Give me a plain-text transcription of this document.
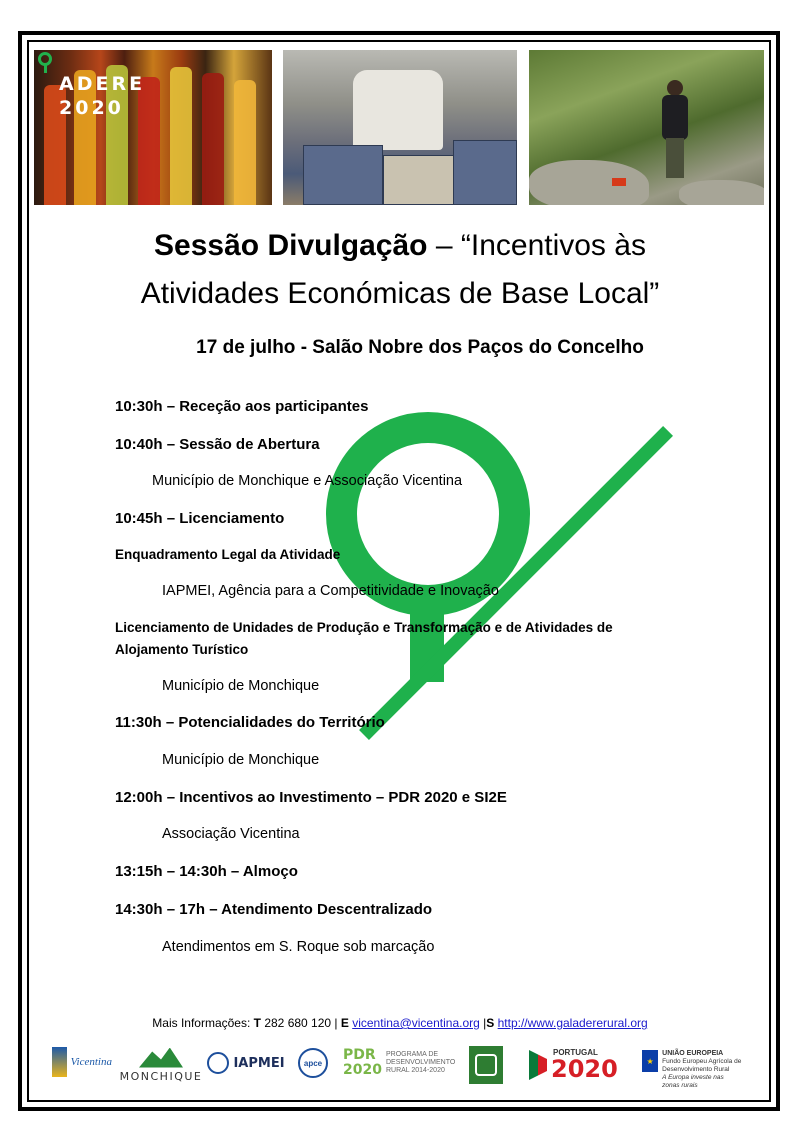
ADERE
2020
Sessão Divulgação – “Incentivos às
Atividades Económicas de Base Local”
17 de julho - Salão Nobre dos Paços do Concelho
10:30h – Receção aos participantes
10:40h – Sessão de Abertura
Município de Monchique e Associação Vicentina
10:45h – Licenciamento
Enquadramento Legal da Atividade
IAPMEI, Agência para a Competitividade e Inovação
Licenciamento de Unidades de Produção e Transformação e de Atividades de
Alojamento Turístico
Município de Monchique
11:30h – Potencialidades do Território
Município de Monchique
12:00h – Incentivos ao Investimento – PDR 2020 e SI2E
Associação Vicentina
13:15h – 14:30h – Almoço
14:30h – 17h – Atendimento Descentralizado
Atendimentos em S. Roque sob marcação
Mais Informações: T 282 680 120 | E vicentina@vicentina.org |S http://www.galadererural.org
Vicentina
MONCHIQUE
IAPMEI	apce	PDR
2020
PROGRAMA DE DESENVOLVIMENTO RURAL 2014-2020
PORTUGAL
2020	★
UNIÃO EUROPEIA
Fundo Europeu Agrícola de Desenvolvimento Rural
A Europa investe nas zonas rurais
